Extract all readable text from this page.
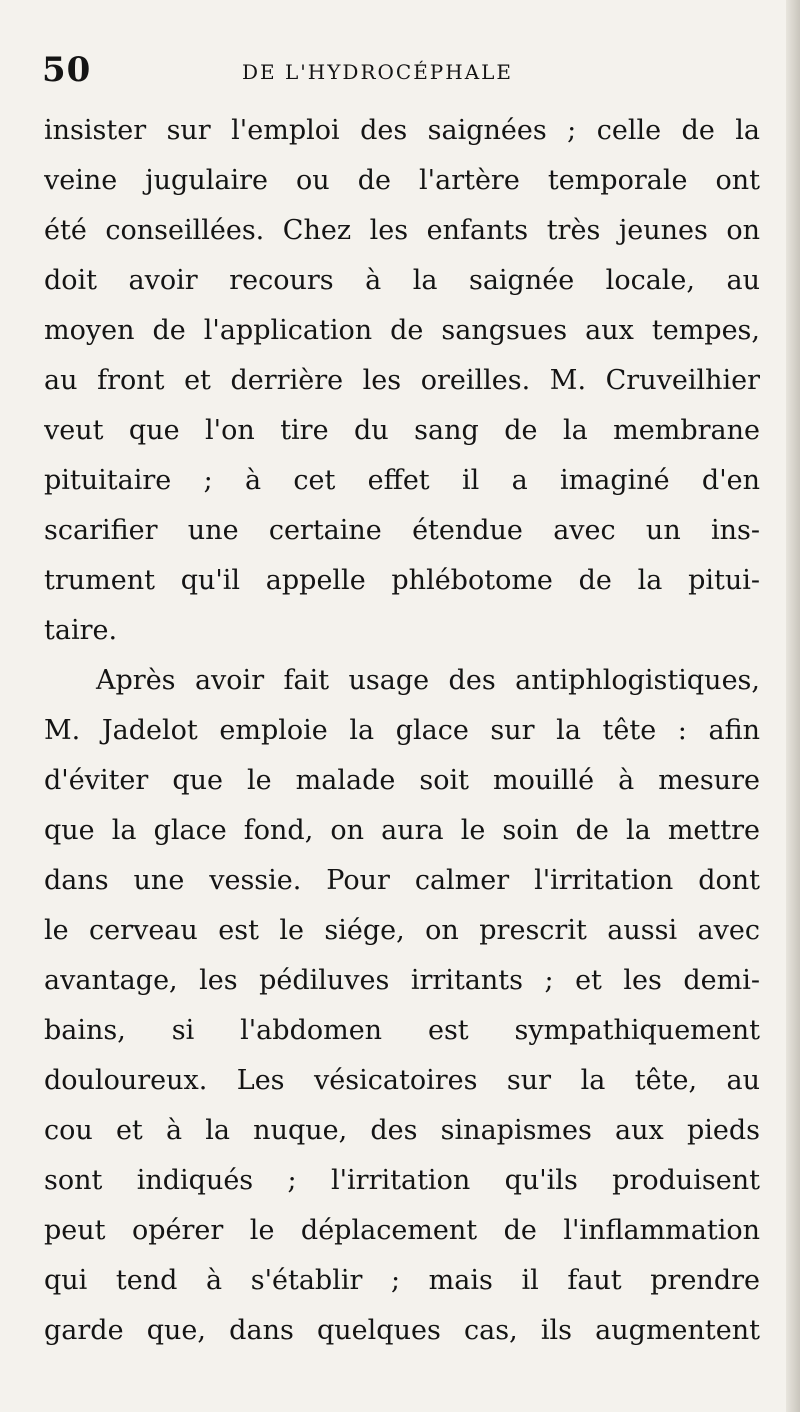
50	DE L'HYDROCÉPHALE
insister sur l'emploi des saignées ; celle de la
veine jugulaire ou de l'artère temporale ont
été conseillées. Chez les enfants très jeunes on
doit avoir recours à la saignée locale, au
moyen de l'application de sangsues aux tempes,
au front et derrière les oreilles. M. Cruveilhier
veut que l'on tire du sang de la membrane
pituitaire ; à cet effet il a imaginé d'en
scarifier une certaine étendue avec un ins-
trument qu'il appelle phlébotome de la pitui-
taire.
Après avoir fait usage des antiphlogistiques,
M. Jadelot emploie la glace sur la tête : afin
d'éviter que le malade soit mouillé à mesure
que la glace fond, on aura le soin de la mettre
dans une vessie. Pour calmer l'irritation dont
le cerveau est le siége, on prescrit aussi avec
avantage, les pédiluves irritants ; et les demi-
bains, si l'abdomen est sympathiquement
douloureux. Les vésicatoires sur la tête, au
cou et à la nuque, des sinapismes aux pieds
sont indiqués ; l'irritation qu'ils produisent
peut opérer le déplacement de l'inflammation
qui tend à s'établir ; mais il faut prendre
garde que, dans quelques cas, ils augmentent
